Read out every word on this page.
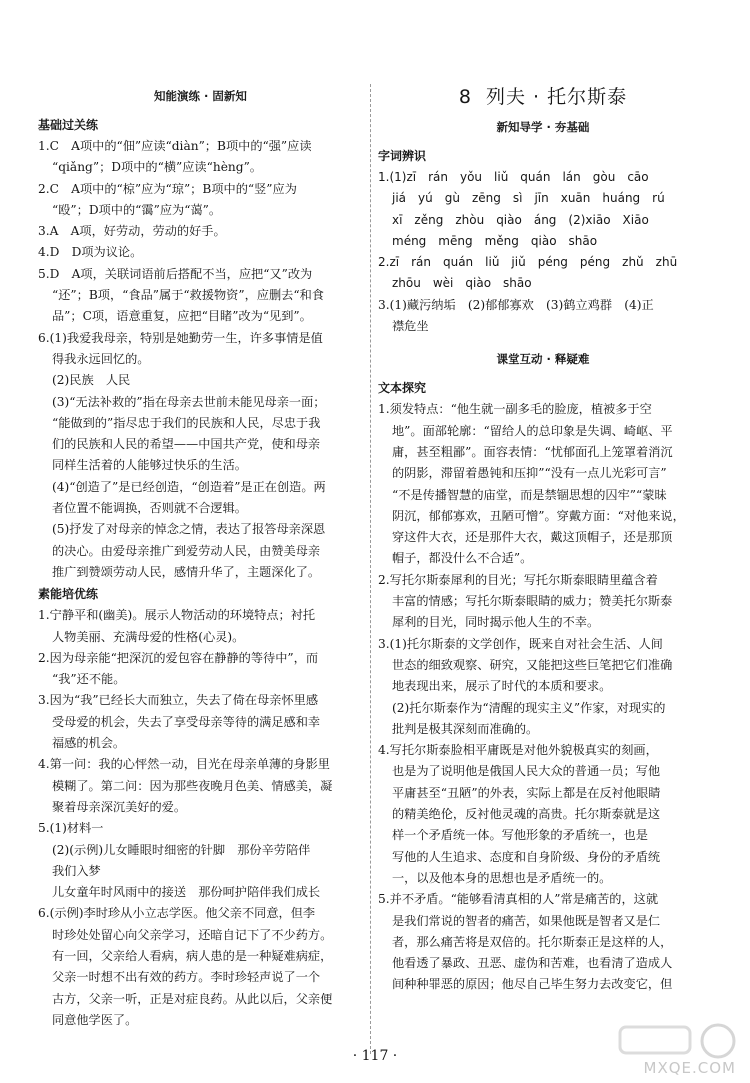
知能演练 · 固新知
基础过关练

1.C　A项中的“佃”应读“diàn”；B项中的“强”应读

“qiǎng”；D项中的“横”应读“hèng”。

2.C　A项中的“椋”应为“琼”；B项中的“竖”应为

“殴”；D项中的“霭”应为“蔼”。

3.A　A项，好劳动，劳动的好手。

4.D　D项为议论。

5.D　A项，关联词语前后搭配不当，应把“又”改为

“还”；B项，“食品”属于“救援物资”，应删去“和食

品”；C项，语意重复，应把“目睹”改为“见到”。

6.(1)我爱我母亲，特别是她勤劳一生，许多事情是值

得我永远回忆的。

(2)民族　人民

(3)“无法补救的”指在母亲去世前未能见母亲一面；

“能做到的”指尽忠于我们的民族和人民，尽忠于我

们的民族和人民的希望——中国共产党，使和母亲

同样生活着的人能够过快乐的生活。

(4)“创造了”是已经创造，“创造着”是正在创造。两

者位置不能调换，否则就不合逻辑。

(5)抒发了对母亲的悼念之情，表达了报答母亲深恩

的决心。由爱母亲推广到爱劳动人民，由赞美母亲

推广到赞颂劳动人民，感情升华了，主题深化了。

素能培优练

1.宁静平和(幽美)。展示人物活动的环境特点；衬托

人物美丽、充满母爱的性格(心灵)。

2.因为母亲能“把深沉的爱包容在静静的等待中”，而

“我”还不能。

3.因为“我”已经长大而独立，失去了倚在母亲怀里感

受母爱的机会，失去了享受母亲等待的满足感和幸

福感的机会。

4.第一问：我的心怦然一动，目光在母亲单薄的身影里

模糊了。第二问：因为那些夜晚月色美、情感美，凝

聚着母亲深沉美好的爱。

5.(1)材料一

(2)(示例)儿女睡眼时细密的针脚　那份辛劳陪伴

我们入梦

儿女童年时风雨中的接送　那份呵护陪伴我们成长

6.(示例)李时珍从小立志学医。他父亲不同意，但李

时珍处处留心向父亲学习，还暗自记下了不少药方。

有一回，父亲给人看病，病人患的是一种疑难病症，

父亲一时想不出有效的药方。李时珍轻声说了一个

古方，父亲一听，正是对症良药。从此以后，父亲便

同意他学医了。

8 列夫 · 托尔斯泰
新知导学 · 夯基础
字词辨识

1.(1)zī　rán　yǒu　liǔ　quán　lán　gòu　cāo

jiá　yú　gù　zēng　sì　jīn　xuān　huáng　rú

xī　zěng　zhòu　qiào　áng　(2)xiāo　Xiāo

méng　mēng　měng　qiào　shāo

2.zī　rán　quán　liǔ　jiǔ　péng　péng　zhǔ　zhū

zhōu　wèi　qiào　shāo

3.(1)藏污纳垢　(2)郁郁寡欢　(3)鹤立鸡群　(4)正

襟危坐

课堂互动 · 释疑难
文本探究

1.须发特点：“他生就一副多毛的脸庞，植被多于空

地”。面部轮廓：“留给人的总印象是失调、崎岖、平

庸，甚至粗鄙”。面容表情：“忧郁面孔上笼罩着消沉

的阴影，滞留着愚钝和压抑”“没有一点儿光彩可言”

“不是传播智慧的庙堂，而是禁锢思想的囚牢”“蒙昧

阴沉，郁郁寡欢，丑陋可憎”。穿戴方面：“对他来说，

穿这件大衣，还是那件大衣，戴这顶帽子，还是那顶

帽子，都没什么不合适”。

2.写托尔斯泰犀利的目光；写托尔斯泰眼睛里蕴含着

丰富的情感；写托尔斯泰眼睛的威力；赞美托尔斯泰

犀利的目光，同时揭示他人生的不幸。

3.(1)托尔斯泰的文学创作，既来自对社会生活、人间

世态的细致观察、研究，又能把这些巨笔把它们准确

地表现出来，展示了时代的本质和要求。

(2)托尔斯泰作为“清醒的现实主义”作家，对现实的

批判是极其深刻而准确的。

4.写托尔斯泰脸相平庸既是对他外貌极真实的刻画，

也是为了说明他是俄国人民大众的普通一员；写他

平庸甚至“丑陋”的外表，实际上都是在反衬他眼睛

的精美绝伦，反衬他灵魂的高贵。托尔斯泰就是这

样一个矛盾统一体。写他形象的矛盾统一，也是

写他的人生追求、态度和自身阶级、身份的矛盾统

一，以及他本身的思想也是矛盾统一的。

5.并不矛盾。“能够看清真相的人”常是痛苦的，这就

是我们常说的智者的痛苦，如果他既是智者又是仁

者，那么痛苦将是双倍的。托尔斯泰正是这样的人，

他看透了暴政、丑恶、虚伪和苦难，也看清了造成人

间种种罪恶的原因；他尽自己毕生努力去改变它，但

· 117 ·
MXQE.COM
